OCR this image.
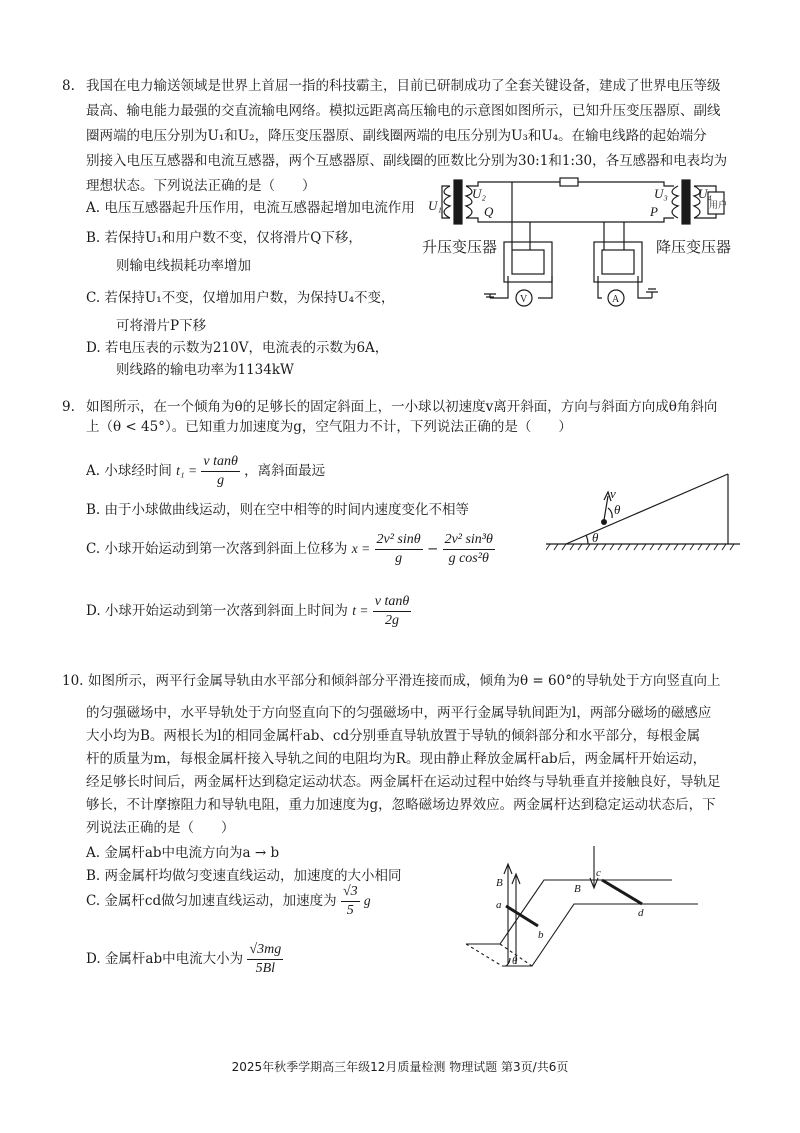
8. 我国在电力输送领域是世界上首屈一指的科技霸主，目前已研制成功了全套关键设备，建成了世界电压等级
最高、输电能力最强的交直流输电网络。模拟远距离高压输电的示意图如图所示，已知升压变压器原、副线
圈两端的电压分别为U₁和U₂，降压变压器原、副线圈两端的电压分别为U₃和U₄。在输电线路的起始端分
别接入电压互感器和电流互感器，两个互感器原、副线圈的匝数比分别为30:1和1:30，各互感器和电表均为
理想状态。下列说法正确的是（　　）
A. 电压互感器起升压作用，电流互感器起增加电流作用
B. 若保持U₁和用户数不变，仅将滑片Q下移，
则输电线损耗功率增加
C. 若保持U₁不变，仅增加用户数，为保持U₄不变，
可将滑片P下移
D. 若电压表的示数为210V，电流表的示数为6A，
则线路的输电功率为1134kW
U₁
U₂
Q
U₃ U₄
P	用户
V	A
升压变压器	降压变压器
9. 如图所示，在一个倾角为θ的足够长的固定斜面上，一小球以初速度v离开斜面，方向与斜面方向成θ角斜向
上（θ < 45°）。已知重力加速度为g，空气阻力不计，下列说法正确的是（　　）
A. 小球经时间 $t_1 = \frac{\text{v tanθ}}{g}$ ，离斜面最远
B. 由于小球做曲线运动，则在空中相等的时间内速度变化不相等
C. 小球开始运动到第一次落到斜面上位移为 $x = \frac{\text{2v² sinθ}}{g} - \frac{\text{2v² sin³θ}}{\text{g cos²θ}}$
D. 小球开始运动到第一次落到斜面上时间为 $t = \frac{\text{v tanθ}}{2g}$
v
θ
θ
10. 如图所示，两平行金属导轨由水平部分和倾斜部分平滑连接而成，倾角为θ = 60°的导轨处于方向竖直向上
的匀强磁场中，水平导轨处于方向竖直向下的匀强磁场中，两平行金属导轨间距为l，两部分磁场的磁感应
大小均为B。两根长为l的相同金属杆ab、cd分别垂直导轨放置于导轨的倾斜部分和水平部分，每根金属
杆的质量为m，每根金属杆接入导轨之间的电阻均为R。现由静止释放金属杆ab后，两金属杆开始运动，
经足够长时间后，两金属杆达到稳定运动状态。两金属杆在运动过程中始终与导轨垂直并接触良好，导轨足
够长，不计摩擦阻力和导轨电阻，重力加速度为g，忽略磁场边界效应。两金属杆达到稳定运动状态后，下
列说法正确的是（　　）
A. 金属杆ab中电流方向为a → b
B. 两金属杆均做匀变速直线运动，加速度的大小相同
C. 金属杆cd做匀加速直线运动，加速度为 $\frac{√3}{5}$ g
D. 金属杆ab中电流大小为 $\frac{√3mg}{5Bl}$
B	B
a
b
c
d
θ
2025年秋季学期高三年级12月质量检测 物理试题 第3页/共6页
